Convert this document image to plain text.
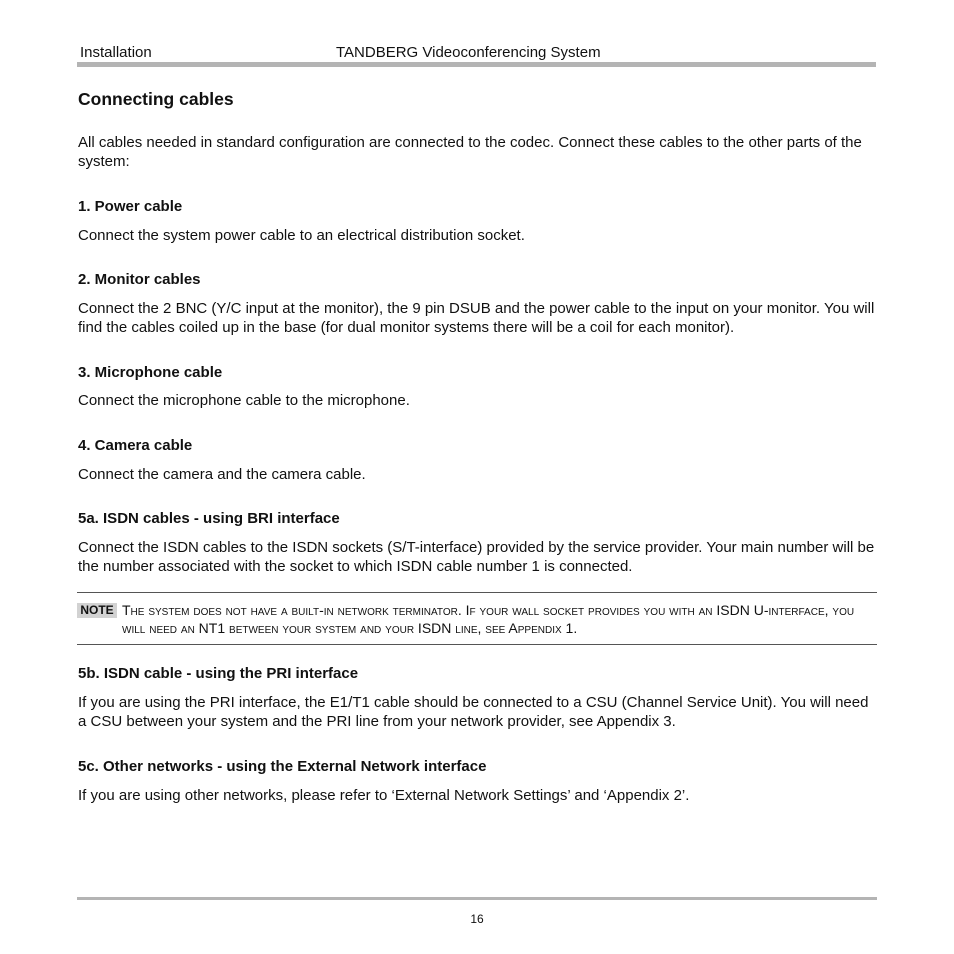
Installation	TANDBERG Videoconferencing System
Connecting cables
All cables needed in standard configuration are connected to the codec. Connect these cables to the other parts of the system:
1. Power cable
Connect the system power cable to an electrical distribution socket.
2. Monitor cables
Connect the 2 BNC (Y/C input at the monitor), the 9 pin DSUB and the power cable to the input on your monitor. You will find the cables coiled up in the base (for dual monitor systems there will be a coil for each monitor).
3. Microphone cable
Connect the microphone cable to the microphone.
4. Camera cable
Connect the camera and the camera cable.
5a. ISDN cables - using BRI interface
Connect the ISDN cables to the ISDN sockets (S/T-interface) provided by the service provider. Your main number will be the number associated with the socket to which ISDN cable number 1 is connected.
NOTE The system does not have a built-in network terminator. If your wall socket provides you with an ISDN U-interface, you will need an NT1 between your system and your ISDN line, see Appendix 1.
5b. ISDN cable - using the PRI interface
If you are using the PRI interface, the E1/T1 cable should be connected to a CSU (Channel Service Unit). You will need a CSU between your system and the PRI line from your network provider, see Appendix 3.
5c. Other networks - using the External Network interface
If you are using other networks, please refer to ‘External Network Settings’ and ‘Appendix 2’.
16
